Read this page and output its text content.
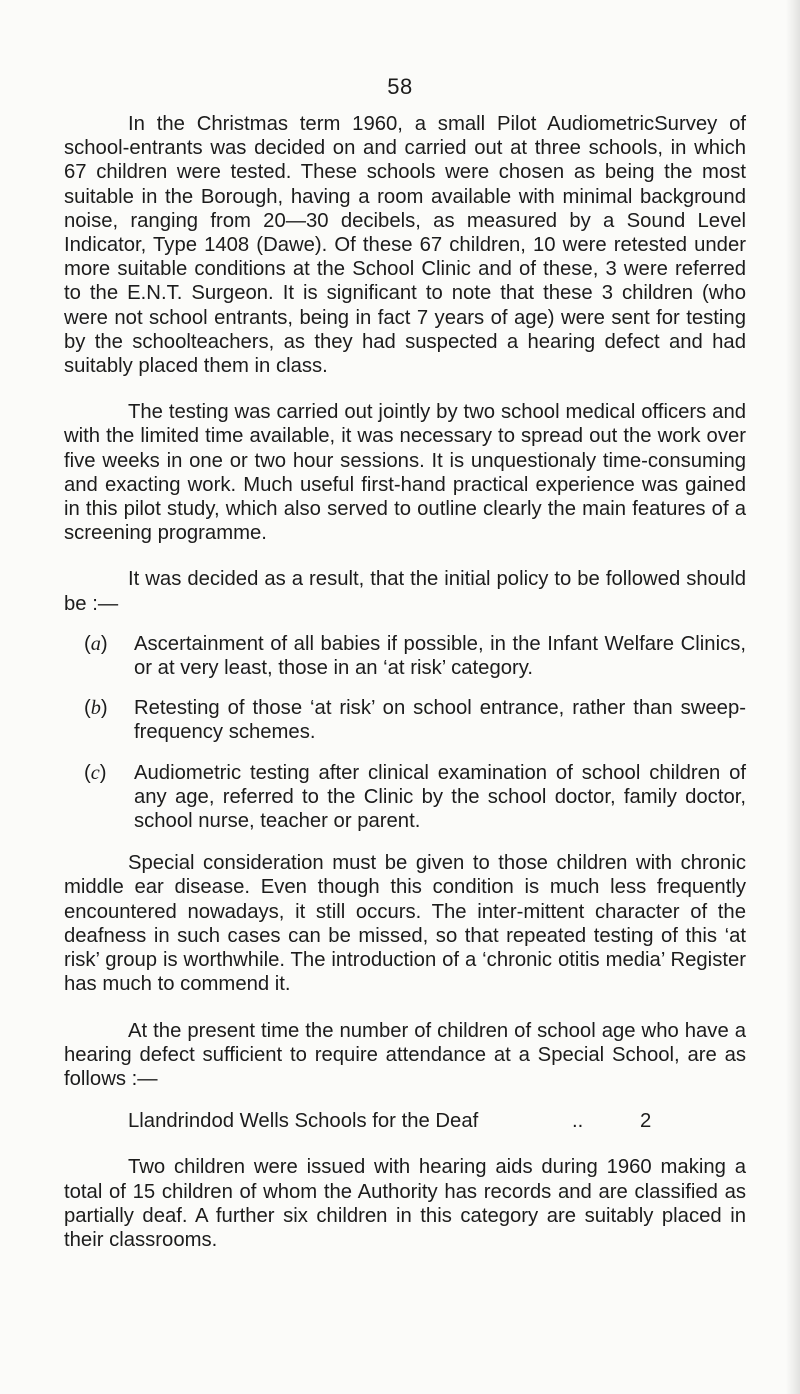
58

In the Christmas term 1960, a small Pilot AudiometricSurvey of school-entrants was decided on and carried out at three schools, in which 67 children were tested. These schools were chosen as being the most suitable in the Borough, having a room available with minimal background noise, ranging from 20—30 decibels, as measured by a Sound Level Indicator, Type 1408 (Dawe). Of these 67 children, 10 were retested under more suitable conditions at the School Clinic and of these, 3 were referred to the E.N.T. Surgeon. It is significant to note that these 3 children (who were not school entrants, being in fact 7 years of age) were sent for testing by the schoolteachers, as they had suspected a hearing defect and had suitably placed them in class.

The testing was carried out jointly by two school medical officers and with the limited time available, it was necessary to spread out the work over five weeks in one or two hour sessions. It is unquestionaly time-consuming and exacting work. Much useful first-hand practical experience was gained in this pilot study, which also served to outline clearly the main features of a screening programme.

It was decided as a result, that the initial policy to be followed should be :—

(a) Ascertainment of all babies if possible, in the Infant Welfare Clinics, or at very least, those in an ‘at risk’ category.
(b) Retesting of those ‘at risk’ on school entrance, rather than sweep-frequency schemes.
(c) Audiometric testing after clinical examination of school children of any age, referred to the Clinic by the school doctor, family doctor, school nurse, teacher or parent.

Special consideration must be given to those children with chronic middle ear disease. Even though this condition is much less frequently encountered nowadays, it still occurs. The inter-mittent character of the deafness in such cases can be missed, so that repeated testing of this ‘at risk’ group is worthwhile. The introduction of a ‘chronic otitis media’ Register has much to commend it.

At the present time the number of children of school age who have a hearing defect sufficient to require attendance at a Special School, are as follows :—

Llandrindod Wells Schools for the Deaf	..	2

Two children were issued with hearing aids during 1960 making a total of 15 children of whom the Authority has records and are classified as partially deaf. A further six children in this category are suitably placed in their classrooms.
